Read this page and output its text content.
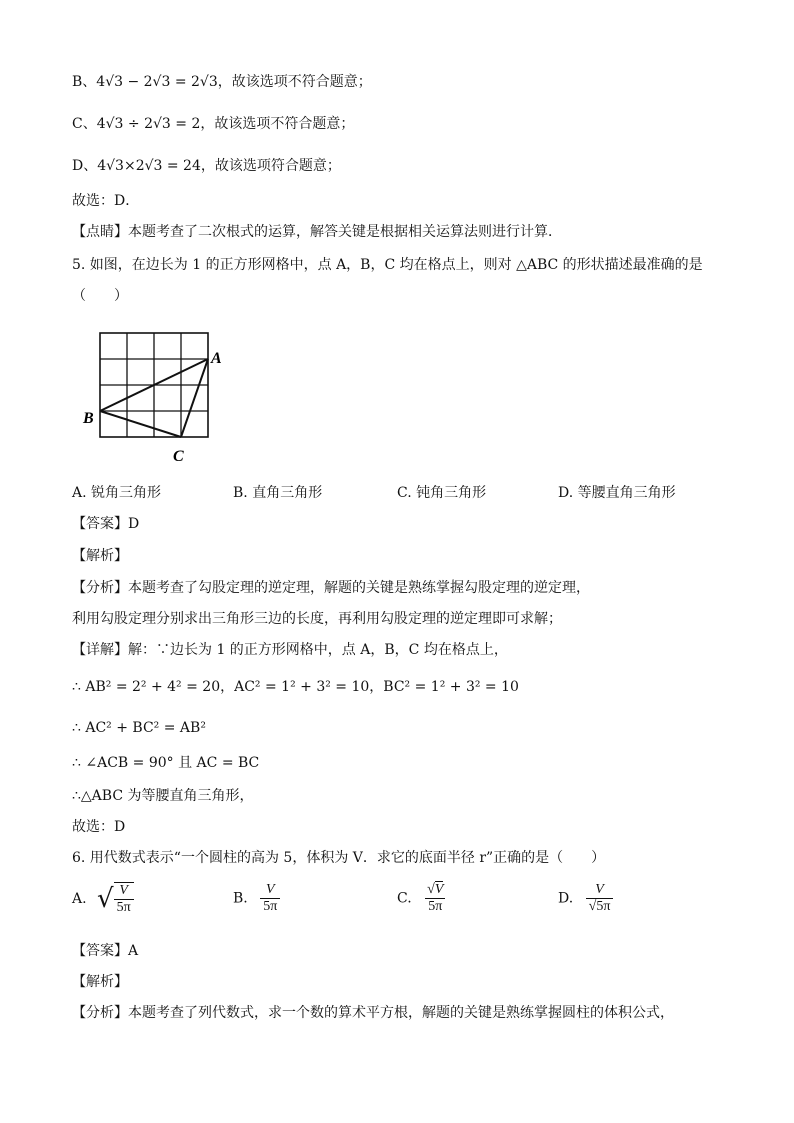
B、4√3 − 2√3 = 2√3，故该选项不符合题意；
C、4√3 ÷ 2√3 = 2，故该选项不符合题意；
D、4√3×2√3 = 24，故该选项符合题意；
故选：D．
【点睛】本题考查了二次根式的运算，解答关键是根据相关运算法则进行计算．
5. 如图，在边长为 1 的正方形网格中，点 A，B，C 均在格点上，则对 △ABC 的形状描述最准确的是
（　　）
A
B
C
A. 锐角三角形	B. 直角三角形	C. 钝角三角形	D. 等腰直角三角形
【答案】D
【解析】
【分析】本题考查了勾股定理的逆定理，解题的关键是熟练掌握勾股定理的逆定理，
利用勾股定理分别求出三角形三边的长度，再利用勾股定理的逆定理即可求解；
【详解】解：∵边长为 1 的正方形网格中，点 A，B，C 均在格点上，
∴ AB² = 2² + 4² = 20，AC² = 1² + 3² = 10，BC² = 1² + 3² = 10
∴ AC² + BC² = AB²
∴ ∠ACB = 90° 且 AC = BC
∴△ABC 为等腰直角三角形，
故选：D
6. 用代数式表示“一个圆柱的高为 5，体积为 V．求它的底面半径 r”正确的是（　　）
A. √ $\frac{V}{5\pi}$	B. $\frac{V}{5\pi}$	C. $\frac{√V}{5\pi}$	D. $\frac{V}{√5\pi}$
【答案】A
【解析】
【分析】本题考查了列代数式，求一个数的算术平方根，解题的关键是熟练掌握圆柱的体积公式，
